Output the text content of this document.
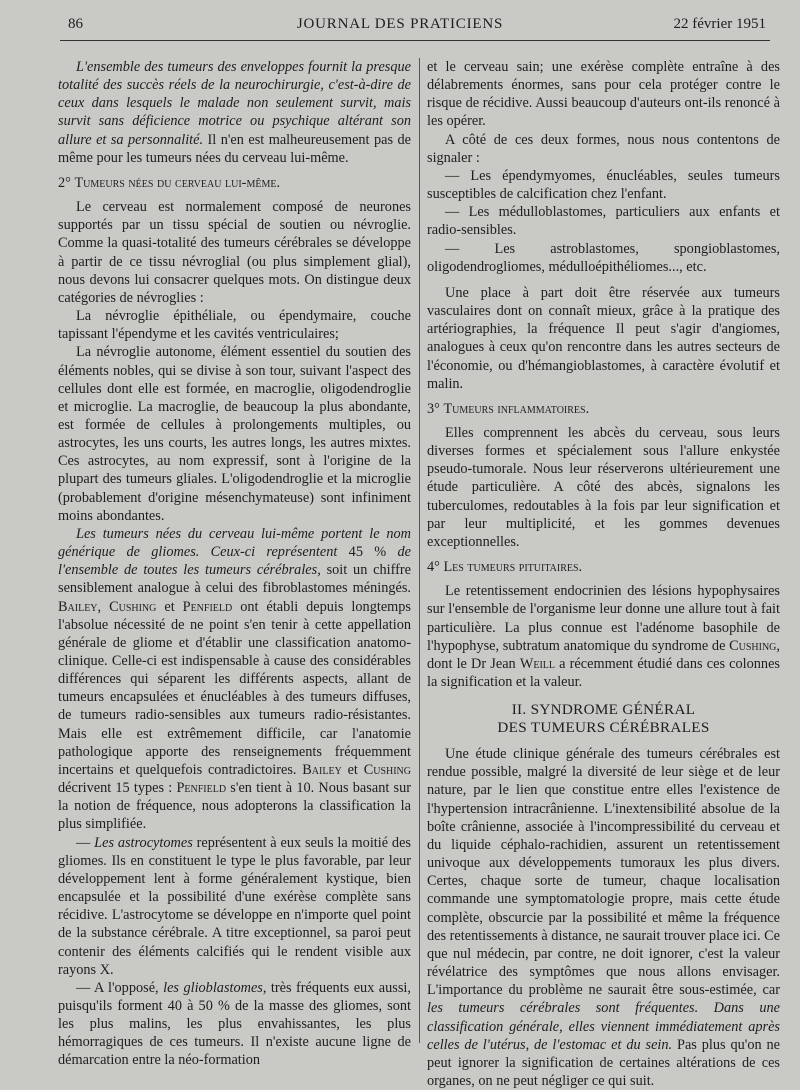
86	JOURNAL DES PRATICIENS	22 février 1951

L'ensemble des tumeurs des enveloppes fournit la presque totalité des succès réels de la neurochirurgie, c'est-à-dire de ceux dans lesquels le malade non seulement survit, mais survit sans déficience motrice ou psychique altérant son allure et sa personnalité. Il n'en est malheureusement pas de même pour les tumeurs nées du cerveau lui-même.

2° Tumeurs nées du cerveau lui-même.

Le cerveau est normalement composé de neurones supportés par un tissu spécial de soutien ou névroglie. Comme la quasi-totalité des tumeurs cérébrales se développe à partir de ce tissu névroglial (ou plus simplement glial), nous devons lui consacrer quelques mots. On distingue deux catégories de névroglies :

La névroglie épithéliale, ou épendymaire, couche tapissant l'épendyme et les cavités ventriculaires;

La névroglie autonome, élément essentiel du soutien des éléments nobles, qui se divise à son tour, suivant l'aspect des cellules dont elle est formée, en macroglie, oligodendroglie et microglie. La macroglie, de beaucoup la plus abondante, est formée de cellules à prolongements multiples, ou astrocytes, les uns courts, les autres longs, les autres mixtes. Ces astrocytes, au nom expressif, sont à l'origine de la plupart des tumeurs gliales. L'oligodendroglie et la microglie (probablement d'origine mésenchymateuse) sont infiniment moins abondantes.

Les tumeurs nées du cerveau lui-même portent le nom générique de gliomes. Ceux-ci représentent 45 % de l'ensemble de toutes les tumeurs cérébrales, soit un chiffre sensiblement analogue à celui des fibroblastomes méningés. Bailey, Cushing et Penfield ont établi depuis longtemps l'absolue nécessité de ne point s'en tenir à cette appellation générale de gliome et d'établir une classification anatomo-clinique. Celle-ci est indispensable à cause des considérables différences qui séparent les différents aspects, allant de tumeurs encapsulées et énucléables à des tumeurs diffuses, de tumeurs radio-sensibles aux tumeurs radio-résistantes. Mais elle est extrêmement difficile, car l'anatomie pathologique apporte des renseignements fréquemment incertains et quelquefois contradictoires. Bailey et Cushing décrivent 15 types : Penfield s'en tient à 10. Nous basant sur la notion de fréquence, nous adopterons la classification la plus simplifiée.

— Les astrocytomes représentent à eux seuls la moitié des gliomes. Ils en constituent le type le plus favorable, par leur développement lent à forme généralement kystique, bien encapsulée et la possibilité d'une exérèse complète sans récidive. L'astrocytome se développe en n'importe quel point de la substance cérébrale. A titre exceptionnel, sa paroi peut contenir des éléments calcifiés qui le rendent visible aux rayons X.

— A l'opposé, les glioblastomes, très fréquents eux aussi, puisqu'ils forment 40 à 50 % de la masse des gliomes, sont les plus malins, les plus envahissantes, les plus hémorragiques de ces tumeurs. Il n'existe aucune ligne de démarcation entre la néo-formation

et le cerveau sain; une exérèse complète entraîne à des délabrements énormes, sans pour cela protéger contre le risque de récidive. Aussi beaucoup d'auteurs ont-ils renoncé à les opérer.

A côté de ces deux formes, nous nous contentons de signaler :

— Les épendymyomes, énucléables, seules tumeurs susceptibles de calcification chez l'enfant.

— Les médulloblastomes, particuliers aux enfants et radio-sensibles.

— Les astroblastomes, spongioblastomes, oligodendrogliomes, médulloépithéliomes..., etc.

Une place à part doit être réservée aux tumeurs vasculaires dont on connaît mieux, grâce à la pratique des artériographies, la fréquence Il peut s'agir d'angiomes, analogues à ceux qu'on rencontre dans les autres secteurs de l'économie, ou d'hémangioblastomes, à caractère évolutif et malin.

3° Tumeurs inflammatoires.

Elles comprennent les abcès du cerveau, sous leurs diverses formes et spécialement sous l'allure enkystée pseudo-tumorale. Nous leur réserverons ultérieurement une étude particulière. A côté des abcès, signalons les tuberculomes, redoutables à la fois par leur signification et par leur multiplicité, et les gommes devenues exceptionnelles.

4° Les tumeurs pituitaires.

Le retentissement endocrinien des lésions hypophysaires sur l'ensemble de l'organisme leur donne une allure tout à fait particulière. La plus connue est l'adénome basophile de l'hypophyse, subtratum anatomique du syndrome de Cushing, dont le Dr Jean Weill a récemment étudié dans ces colonnes la signification et la valeur.

II. SYNDROME GÉNÉRAL
DES TUMEURS CÉRÉBRALES

Une étude clinique générale des tumeurs cérébrales est rendue possible, malgré la diversité de leur siège et de leur nature, par le lien que constitue entre elles l'existence de l'hypertension intracrânienne. L'inextensibilité absolue de la boîte crânienne, associée à l'incompressibilité du cerveau et du liquide céphalo-rachidien, assurent un retentissement univoque aux développements tumoraux les plus divers. Certes, chaque sorte de tumeur, chaque localisation commande une symptomatologie propre, mais cette étude complète, obscurcie par la possibilité et même la fréquence des retentissements à distance, ne saurait trouver place ici. Ce que nul médecin, par contre, ne doit ignorer, c'est la valeur révélatrice des symptômes que nous allons envisager. L'importance du problème ne saurait être sous-estimée, car les tumeurs cérébrales sont fréquentes. Dans une classification générale, elles viennent immédiatement après celles de l'utérus, de l'estomac et du sein. Pas plus qu'on ne peut ignorer la signification de certaines altérations de ces organes, on ne peut négliger ce qui suit.
